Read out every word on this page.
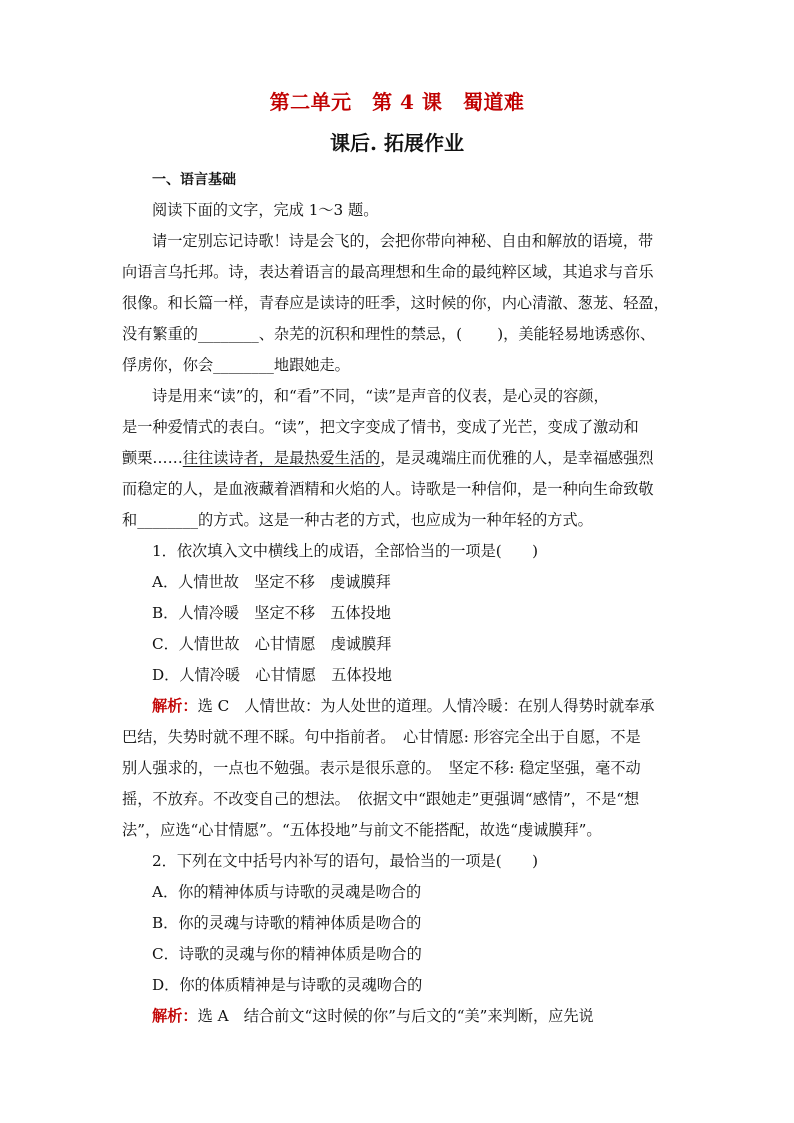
第二单元　第 4 课　蜀道难
课后. 拓展作业
一、语言基础
阅读下面的文字，完成 1～3 题。
请一定别忘记诗歌！诗是会飞的，会把你带向神秘、自由和解放的语境，带
向语言乌托邦。诗，表达着语言的最高理想和生命的最纯粹区域，其追求与音乐
很像。和长篇一样，青春应是读诗的旺季，这时候的你，内心清澈、葱茏、轻盈，
没有繁重的________、杂芜的沉积和理性的禁忌，(　　 )，美能轻易地诱惑你、
俘虏你，你会________地跟她走。
诗是用来“读”的，和“看”不同，“读”是声音的仪表，是心灵的容颜，
是一种爱情式的表白。“读”，把文字变成了情书，变成了光芒，变成了激动和
颤栗……往往读诗者，是最热爱生活的，是灵魂端庄而优雅的人，是幸福感强烈
而稳定的人，是血液藏着酒精和火焰的人。诗歌是一种信仰，是一种向生命致敬
和________的方式。这是一种古老的方式，也应成为一种年轻的方式。
1．依次填入文中横线上的成语，全部恰当的一项是(　　)
A．人情世故　坚定不移　虔诚膜拜
B．人情冷暖　坚定不移　五体投地
C．人情世故　心甘情愿　虔诚膜拜
D．人情冷暖　心甘情愿　五体投地
解析：选 C　人情世故：为人处世的道理。人情冷暖：在别人得势时就奉承
巴结，失势时就不理不睬。句中指前者。　心甘情愿: 形容完全出于自愿，不是
别人强求的，一点也不勉强。表示是很乐意的。　坚定不移: 稳定坚强，毫不动
摇，不放弃。不改变自己的想法。　依据文中“跟她走”更强调“感情”，不是“想
法”，应选“心甘情愿”。“五体投地”与前文不能搭配，故选“虔诚膜拜”。
2．下列在文中括号内补写的语句，最恰当的一项是(　　)
A．你的精神体质与诗歌的灵魂是吻合的
B．你的灵魂与诗歌的精神体质是吻合的
C．诗歌的灵魂与你的精神体质是吻合的
D．你的体质精神是与诗歌的灵魂吻合的
解析：选 A　结合前文“这时候的你”与后文的“美”来判断，应先说
